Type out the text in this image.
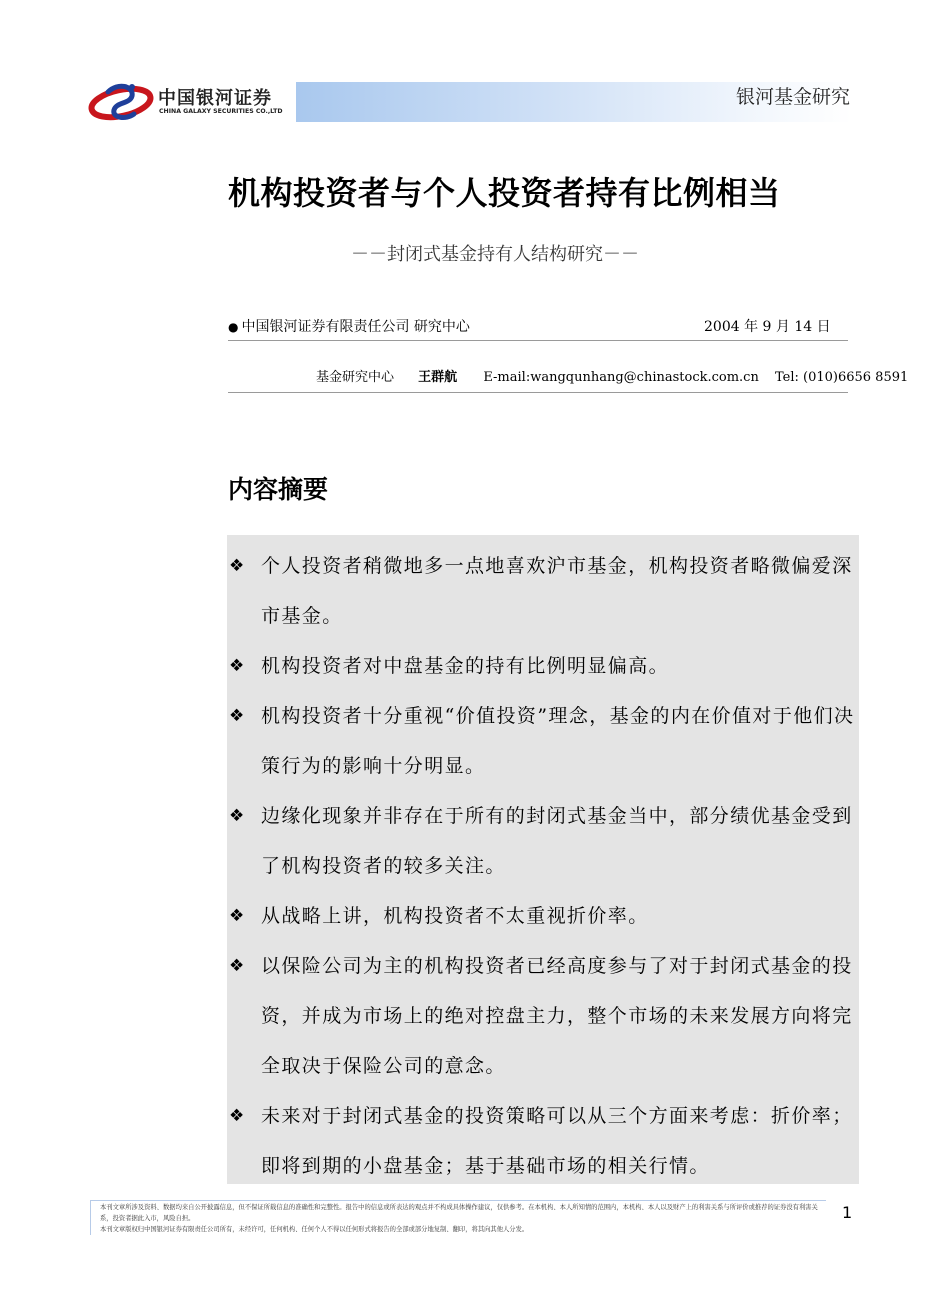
中国银河证券
CHINA GALAXY SECURITIES CO.,LTD
银河基金研究
机构投资者与个人投资者持有比例相当
－－封闭式基金持有人结构研究－－
● 中国银河证券有限责任公司 研究中心	2004 年 9 月 14 日
基金研究中心 王群航 E-mail:wangqunhang@chinastock.com.cn Tel: (010)6656 8591
内容摘要
❖ 个人投资者稍微地多一点地喜欢沪市基金，机构投资者略微偏爱深市基金。
❖ 机构投资者对中盘基金的持有比例明显偏高。
❖ 机构投资者十分重视“价值投资”理念，基金的内在价值对于他们决策行为的影响十分明显。
❖ 边缘化现象并非存在于所有的封闭式基金当中，部分绩优基金受到了机构投资者的较多关注。
❖ 从战略上讲，机构投资者不太重视折价率。
❖ 以保险公司为主的机构投资者已经高度参与了对于封闭式基金的投资，并成为市场上的绝对控盘主力，整个市场的未来发展方向将完全取决于保险公司的意念。
❖ 未来对于封闭式基金的投资策略可以从三个方面来考虑：折价率；即将到期的小盘基金；基于基础市场的相关行情。
本刊文章所涉及资料、数据均来自公开披露信息，但不保证所载信息的准确性和完整性。报告中的信息或所表达的观点并不构成具体操作建议，仅供参考。在本机构、本人所知情的范围内，本机构、本人以及财产上的利害关系与所评价或推荐的证券没有利害关系，投资者据此入市，风险自担。
本刊文章版权归中国银河证券有限责任公司所有，未经许可，任何机构、任何个人不得以任何形式将报告的全部或部分地复制、翻印，将其向其他人分发。
1
